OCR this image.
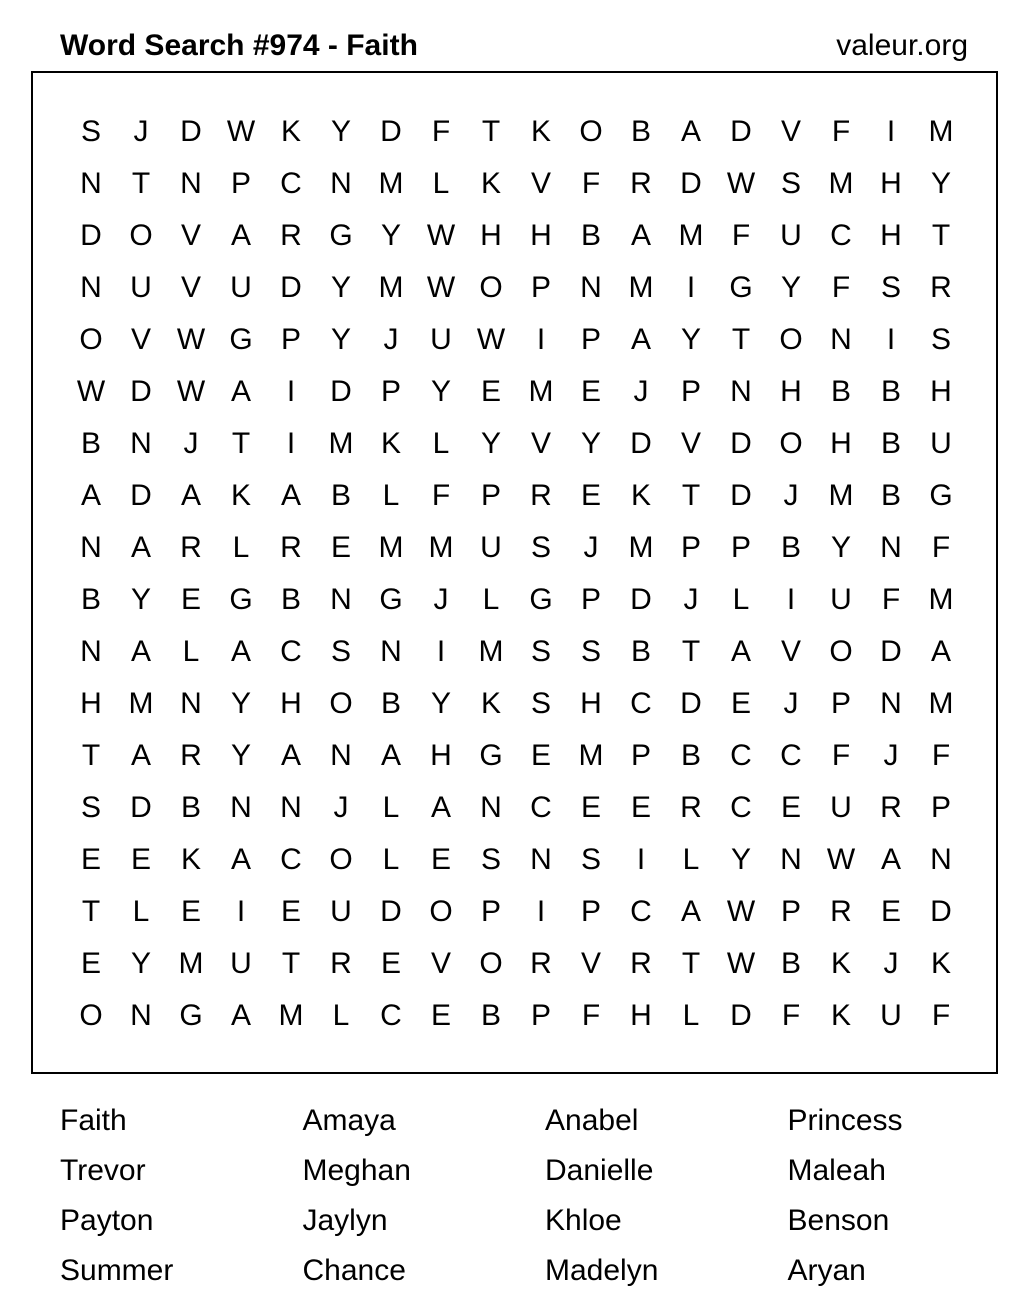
Word Search #974 - Faith	valeur.org
S	J	D W K Y D	F	T	K O B A D V	F	I	M
N	T	N P C N M L	K V	F	R D W S M H Y
D O V A R G Y W H H B A M F	U C H	T
N U V U D Y M W O P N M	I	G Y	F	S R
O V W G P Y	J	U W	I	P A Y	T O N	I	S
W D W A	I	D P Y E M E	J	P N H B B H
B N	J	T	I	M K	L	Y V Y D V D O H B U
A D A K A B	L	F	P R E K	T	D	J	M B G
N A R	L	R E M M U S	J	M P P B Y N	F
B Y E G B N G	J	L G P D	J	L	I	U	F M
N A	L	A C S N	I	M S S B	T	A V O D A
H M N Y H O B Y K S H C D E	J	P N M
T	A R Y A N A H G E M P B C C	F	J	F
S D B N N	J	L	A N C E E R C E U R P
E E K A C O L	E S N S	I	L	Y N W A N
T	L	E	I	E U D O P	I	P C A W P R E D
E Y M U	T	R E V O R V R	T W B K	J	K
O N G A M L	C E B P	F	H	L	D	F	K U	F
Faith	Amaya	Anabel	Princess
Trevor	Meghan	Danielle	Maleah
Payton	Jaylyn	Khloe	Benson
Summer	Chance	Madelyn	Aryan
